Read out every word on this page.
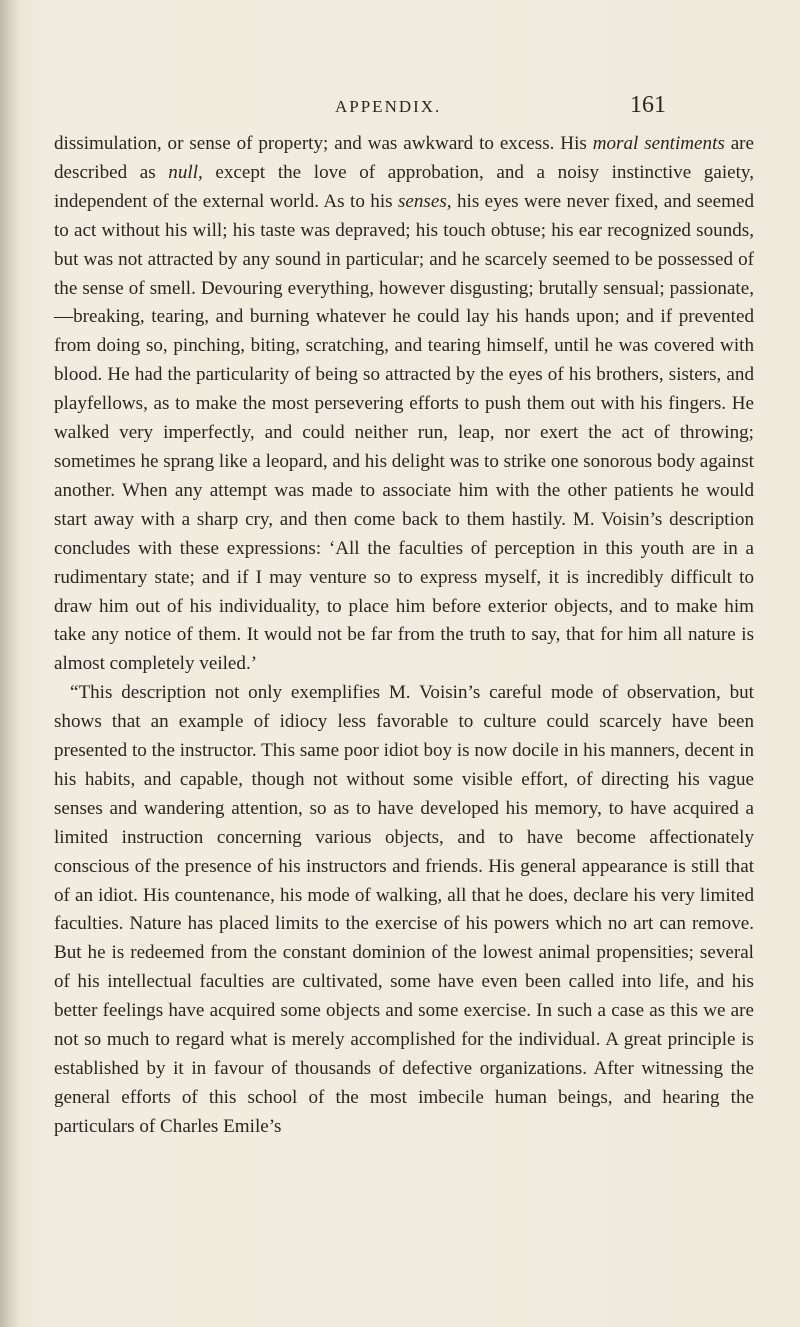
APPENDIX.	161

dissimulation, or sense of property; and was awkward to excess. His moral sentiments are described as null, except the love of approbation, and a noisy instinctive gaiety, independent of the external world. As to his senses, his eyes were never fixed, and seemed to act without his will; his taste was depraved; his touch obtuse; his ear recognized sounds, but was not attracted by any sound in particular; and he scarcely seemed to be possessed of the sense of smell. Devouring everything, however disgusting; brutally sensual; passionate,—breaking, tearing, and burning whatever he could lay his hands upon; and if prevented from doing so, pinching, biting, scratching, and tearing himself, until he was covered with blood. He had the particularity of being so attracted by the eyes of his brothers, sisters, and playfellows, as to make the most persevering efforts to push them out with his fingers. He walked very imperfectly, and could neither run, leap, nor exert the act of throwing; sometimes he sprang like a leopard, and his delight was to strike one sonorous body against another. When any attempt was made to associate him with the other patients he would start away with a sharp cry, and then come back to them hastily. M. Voisin’s description concludes with these expressions: ‘All the faculties of perception in this youth are in a rudimentary state; and if I may venture so to express myself, it is incredibly difficult to draw him out of his individuality, to place him before exterior objects, and to make him take any notice of them. It would not be far from the truth to say, that for him all nature is almost completely veiled.’

“This description not only exemplifies M. Voisin’s careful mode of observation, but shows that an example of idiocy less favorable to culture could scarcely have been presented to the instructor. This same poor idiot boy is now docile in his manners, decent in his habits, and capable, though not without some visible effort, of directing his vague senses and wandering attention, so as to have developed his memory, to have acquired a limited instruction concerning various objects, and to have become affectionately conscious of the presence of his instructors and friends. His general appearance is still that of an idiot. His countenance, his mode of walking, all that he does, declare his very limited faculties. Nature has placed limits to the exercise of his powers which no art can remove. But he is redeemed from the constant dominion of the lowest animal propensities; several of his intellectual faculties are cultivated, some have even been called into life, and his better feelings have acquired some objects and some exercise. In such a case as this we are not so much to regard what is merely accomplished for the individual. A great principle is established by it in favour of thousands of defective organizations. After witnessing the general efforts of this school of the most imbecile human beings, and hearing the particulars of Charles Emile’s
